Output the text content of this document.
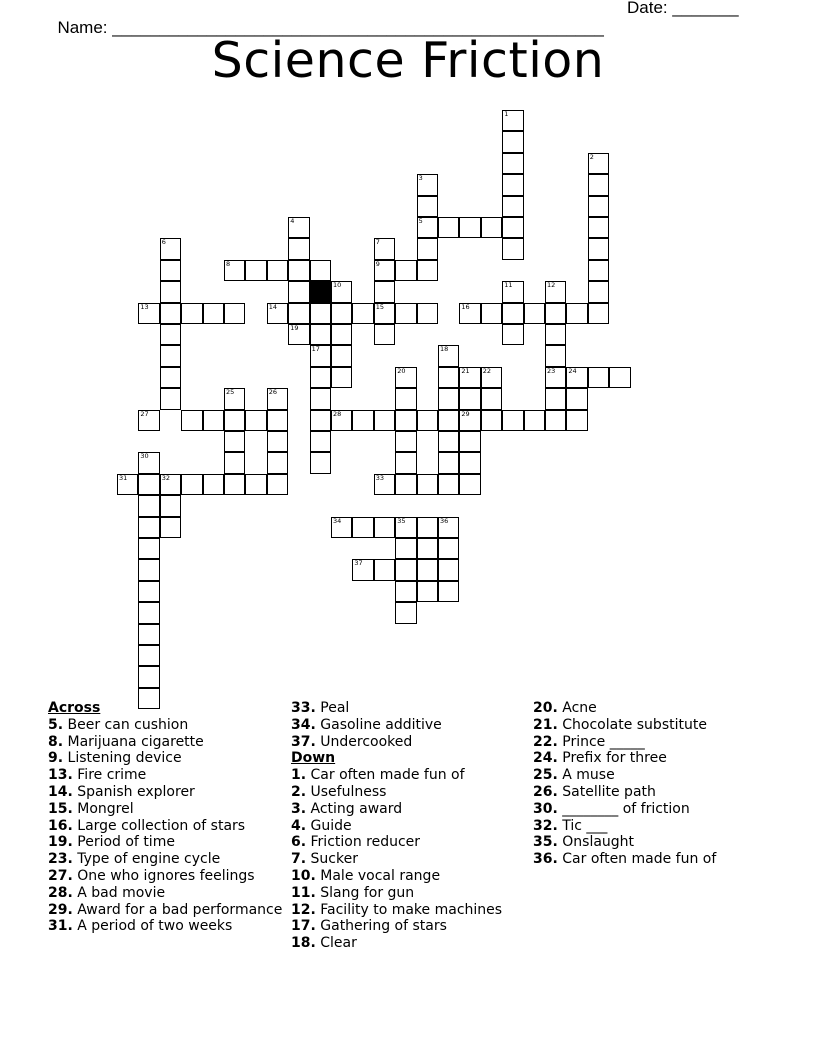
Name: ____________________________________________________

Date: _______

Science Friction
1
2
3
5
4
19
6	7
9
15
8
10
13	14	16
11	12
23
17	18
20	21
29
22	24
25	26
27	28
30
31	32	33
34	35	36
37
Across
5. Beer can cushion
8. Marijuana cigarette
9. Listening device
13. Fire crime
14. Spanish explorer
15. Mongrel
16. Large collection of stars
19. Period of time
23. Type of engine cycle
27. One who ignores feelings
28. A bad movie
29. Award for a bad performance
31. A period of two weeks
33. Peal
34. Gasoline additive
37. Undercooked
Down
1. Car often made fun of
2. Usefulness
3. Acting award
4. Guide
6. Friction reducer
7. Sucker
10. Male vocal range
11. Slang for gun
12. Facility to make machines
17. Gathering of stars
18. Clear
20. Acne
21. Chocolate substitute
22. Prince _____
24. Prefix for three
25. A muse
26. Satellite path
30. ________ of friction
32. Tic ___
35. Onslaught
36. Car often made fun of
